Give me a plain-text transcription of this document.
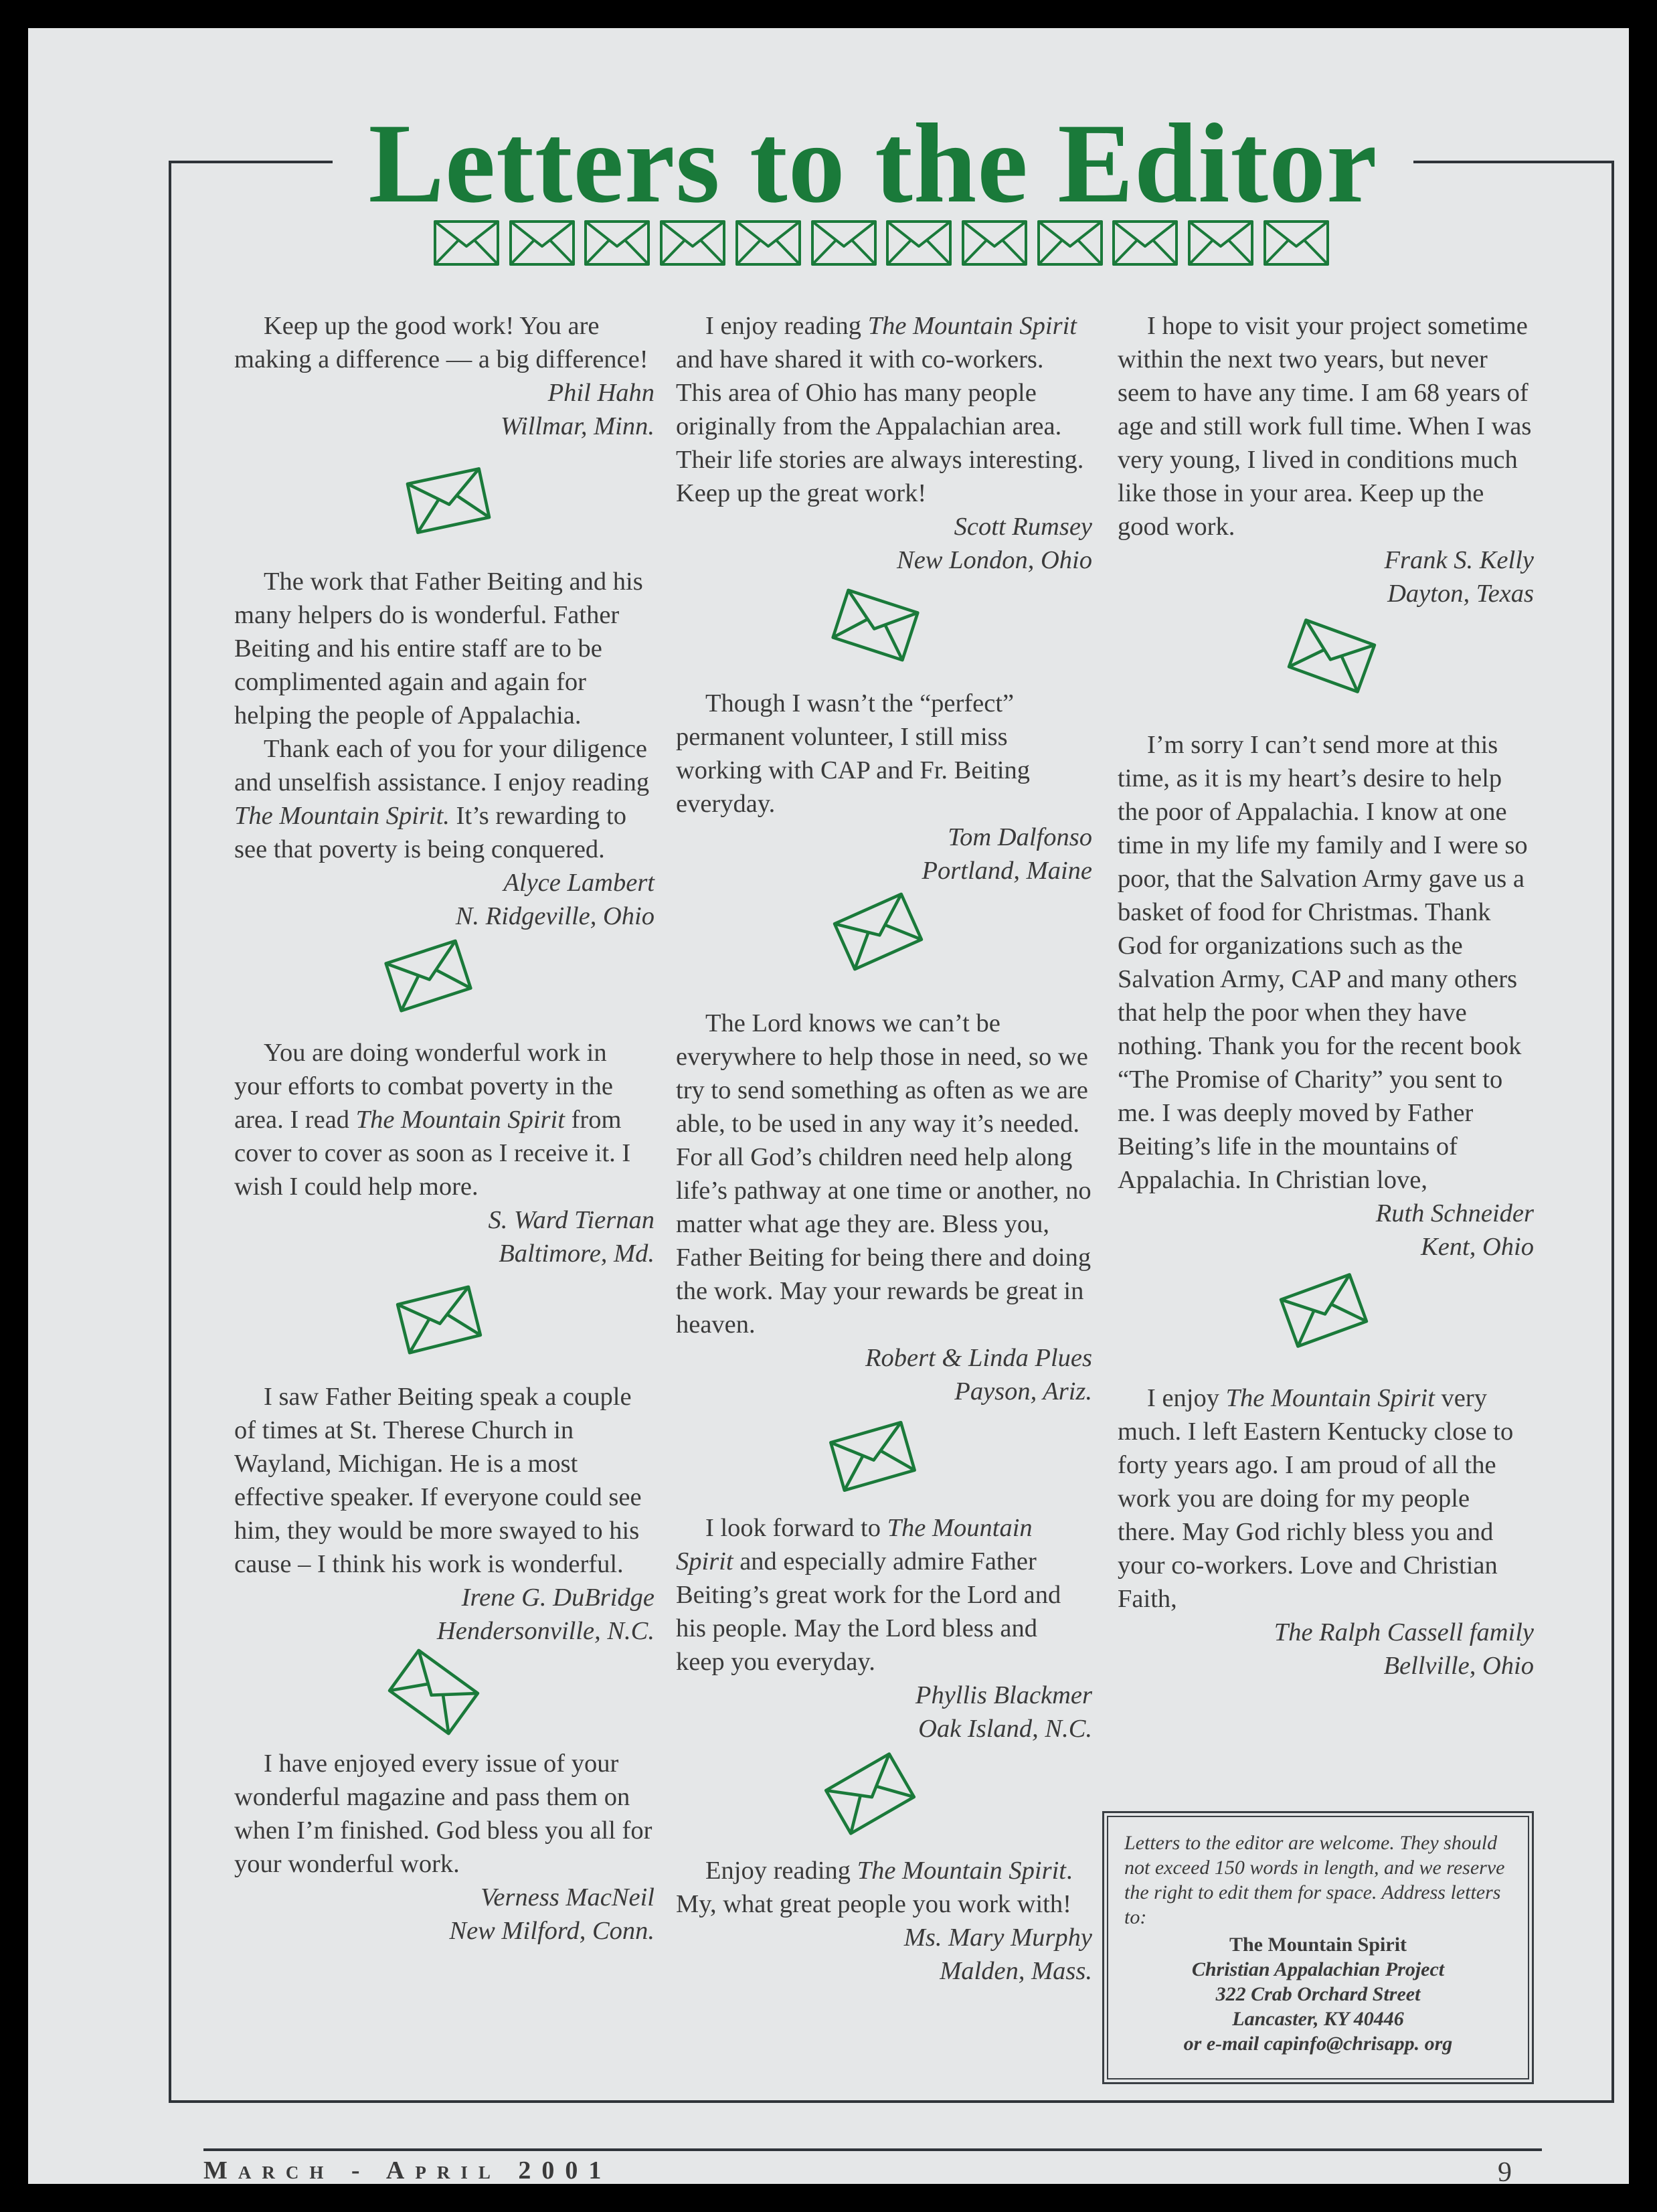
Letters to the Editor

Keep up the good work! You are making a difference — a big difference!

Phil Hahn
Willmar, Minn.

The work that Father Beiting and his many helpers do is wonderful. Father Beiting and his entire staff are to be complimented again and again for helping the people of Appalachia.

Thank each of you for your diligence and unselfish assistance. I enjoy reading The Mountain Spirit. It’s rewarding to see that poverty is being conquered.

Alyce Lambert
N. Ridgeville, Ohio

You are doing wonderful work in your efforts to combat poverty in the area. I read The Mountain Spirit from cover to cover as soon as I receive it. I wish I could help more.

S. Ward Tiernan
Baltimore, Md.

I saw Father Beiting speak a couple of times at St. Therese Church in Wayland, Michigan. He is a most effective speaker. If everyone could see him, they would be more swayed to his cause – I think his work is wonderful.

Irene G. DuBridge
Hendersonville, N.C.

I have enjoyed every issue of your wonderful magazine and pass them on when I’m finished. God bless you all for your wonderful work.

Verness MacNeil
New Milford, Conn.

I enjoy reading The Mountain Spirit and have shared it with co-workers. This area of Ohio has many people originally from the Appalachian area. Their life stories are always interesting. Keep up the great work!

Scott Rumsey
New London, Ohio

Though I wasn’t the “perfect” permanent volunteer, I still miss working with CAP and Fr. Beiting everyday.

Tom Dalfonso
Portland, Maine

The Lord knows we can’t be everywhere to help those in need, so we try to send something as often as we are able, to be used in any way it’s needed. For all God’s children need help along life’s pathway at one time or another, no matter what age they are. Bless you, Father Beiting for being there and doing the work. May your rewards be great in heaven.

Robert & Linda Plues
Payson, Ariz.

I look forward to The Mountain Spirit and especially admire Father Beiting’s great work for the Lord and his people. May the Lord bless and keep you everyday.

Phyllis Blackmer
Oak Island, N.C.

Enjoy reading The Mountain Spirit. My, what great people you work with!

Ms. Mary Murphy
Malden, Mass.

I hope to visit your project sometime within the next two years, but never seem to have any time. I am 68 years of age and still work full time. When I was very young, I lived in conditions much like those in your area. Keep up the good work.

Frank S. Kelly
Dayton, Texas

I’m sorry I can’t send more at this time, as it is my heart’s desire to help the poor of Appalachia. I know at one time in my life my family and I were so poor, that the Salvation Army gave us a basket of food for Christmas. Thank God for organizations such as the Salvation Army, CAP and many others that help the poor when they have nothing. Thank you for the recent book “The Promise of Charity” you sent to me. I was deeply moved by Father Beiting’s life in the mountains of Appalachia. In Christian love,

Ruth Schneider
Kent, Ohio

I enjoy The Mountain Spirit very much. I left Eastern Kentucky close to forty years ago. I am proud of all the work you are doing for my people there. May God richly bless you and your co-workers. Love and Christian Faith,

The Ralph Cassell family
Bellville, Ohio
Letters to the editor are welcome. They should not exceed 150 words in length, and we reserve the right to edit them for space. Address letters to:
The Mountain Spirit
Christian Appalachian Project
322 Crab Orchard Street
Lancaster, KY 40446
or e-mail capinfo@chrisapp. org
March - April 2001	9
